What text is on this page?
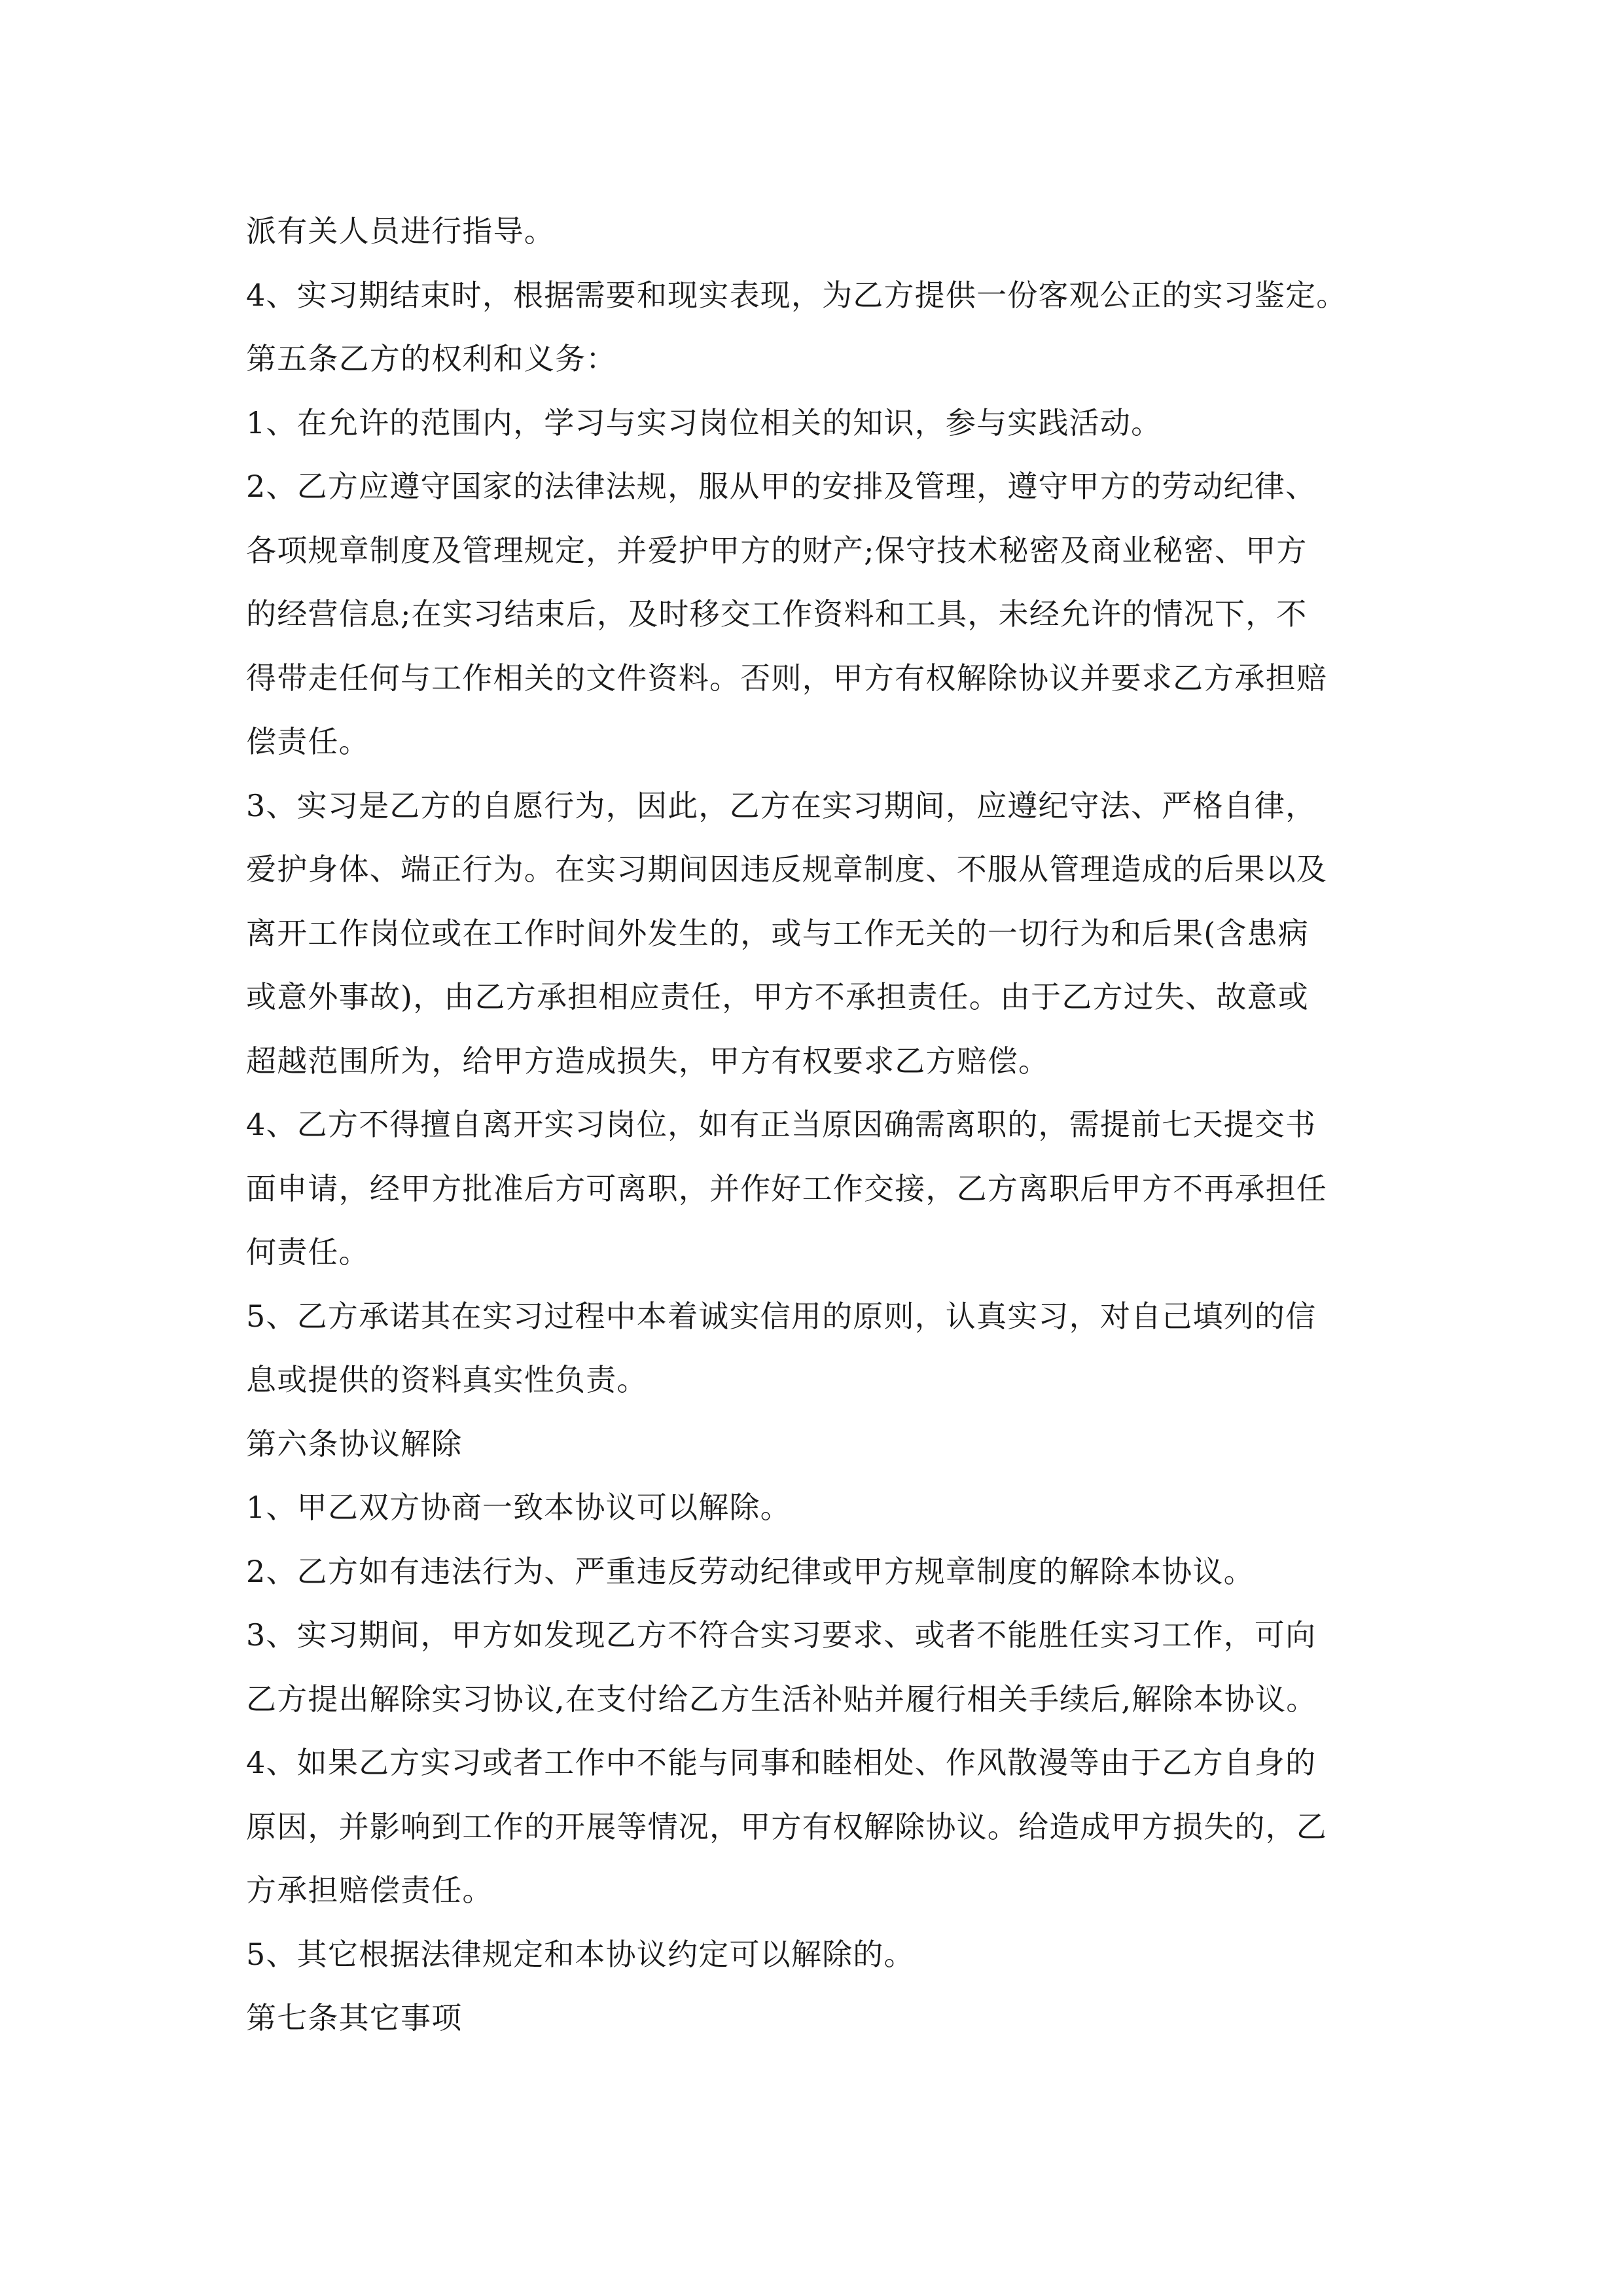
派有关人员进行指导。
4、实习期结束时，根据需要和现实表现，为乙方提供一份客观公正的实习鉴定。
第五条乙方的权利和义务：
1、在允许的范围内，学习与实习岗位相关的知识，参与实践活动。
2、乙方应遵守国家的法律法规，服从甲的安排及管理，遵守甲方的劳动纪律、
各项规章制度及管理规定，并爱护甲方的财产;保守技术秘密及商业秘密、甲方
的经营信息;在实习结束后，及时移交工作资料和工具，未经允许的情况下，不
得带走任何与工作相关的文件资料。否则，甲方有权解除协议并要求乙方承担赔
偿责任。
3、实习是乙方的自愿行为，因此，乙方在实习期间，应遵纪守法、严格自律，
爱护身体、端正行为。在实习期间因违反规章制度、不服从管理造成的后果以及
离开工作岗位或在工作时间外发生的，或与工作无关的一切行为和后果(含患病
或意外事故)，由乙方承担相应责任，甲方不承担责任。由于乙方过失、故意或
超越范围所为，给甲方造成损失，甲方有权要求乙方赔偿。
4、乙方不得擅自离开实习岗位，如有正当原因确需离职的，需提前七天提交书
面申请，经甲方批准后方可离职，并作好工作交接，乙方离职后甲方不再承担任
何责任。
5、乙方承诺其在实习过程中本着诚实信用的原则，认真实习，对自己填列的信
息或提供的资料真实性负责。
第六条协议解除
1、甲乙双方协商一致本协议可以解除。
2、乙方如有违法行为、严重违反劳动纪律或甲方规章制度的解除本协议。
3、实习期间，甲方如发现乙方不符合实习要求、或者不能胜任实习工作，可向
乙方提出解除实习协议,在支付给乙方生活补贴并履行相关手续后,解除本协议。
4、如果乙方实习或者工作中不能与同事和睦相处、作风散漫等由于乙方自身的
原因，并影响到工作的开展等情况，甲方有权解除协议。给造成甲方损失的，乙
方承担赔偿责任。
5、其它根据法律规定和本协议约定可以解除的。
第七条其它事项
